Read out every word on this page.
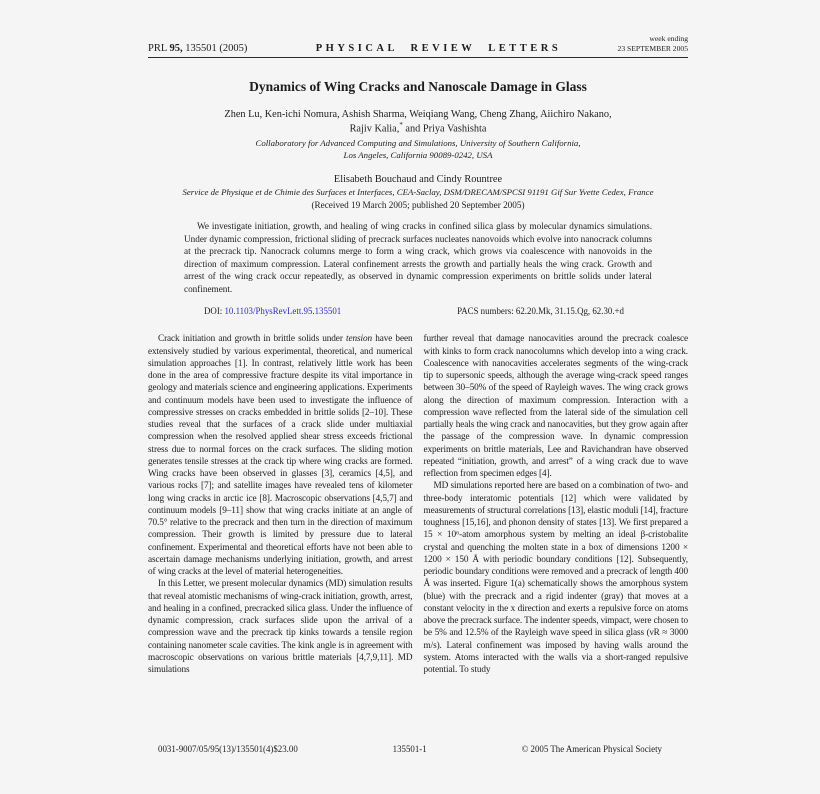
PRL 95, 135501 (2005)	PHYSICAL REVIEW LETTERS
week ending
23 SEPTEMBER 2005
Dynamics of Wing Cracks and Nanoscale Damage in Glass
Zhen Lu, Ken-ichi Nomura, Ashish Sharma, Weiqiang Wang, Cheng Zhang, Aiichiro Nakano,
Rajiv Kalia,* and Priya Vashishta
Collaboratory for Advanced Computing and Simulations, University of Southern California,
Los Angeles, California 90089-0242, USA
Elisabeth Bouchaud and Cindy Rountree
Service de Physique et de Chimie des Surfaces et Interfaces, CEA-Saclay, DSM/DRECAM/SPCSI 91191 Gif Sur Yvette Cedex, France
(Received 19 March 2005; published 20 September 2005)
We investigate initiation, growth, and healing of wing cracks in confined silica glass by molecular dynamics simulations. Under dynamic compression, frictional sliding of precrack surfaces nucleates nanovoids which evolve into nanocrack columns at the precrack tip. Nanocrack columns merge to form a wing crack, which grows via coalescence with nanovoids in the direction of maximum compression. Lateral confinement arrests the growth and partially heals the wing crack. Growth and arrest of the wing crack occur repeatedly, as observed in dynamic compression experiments on brittle solids under lateral confinement.
DOI: 10.1103/PhysRevLett.95.135501	PACS numbers: 62.20.Mk, 31.15.Qg, 62.30.+d

Crack initiation and growth in brittle solids under tension have been extensively studied by various experimental, theoretical, and numerical simulation approaches [1]. In contrast, relatively little work has been done in the area of compressive fracture despite its vital importance in geology and materials science and engineering applications. Experiments and continuum models have been used to investigate the influence of compressive stresses on cracks embedded in brittle solids [2–10]. These studies reveal that the surfaces of a crack slide under multiaxial compression when the resolved applied shear stress exceeds frictional stress due to normal forces on the crack surfaces. The sliding motion generates tensile stresses at the crack tip where wing cracks are formed. Wing cracks have been observed in glasses [3], ceramics [4,5], and various rocks [7]; and satellite images have revealed tens of kilometer long wing cracks in arctic ice [8]. Macroscopic observations [4,5,7] and continuum models [9–11] show that wing cracks initiate at an angle of 70.5° relative to the precrack and then turn in the direction of maximum compression. Their growth is limited by pressure due to lateral confinement. Experimental and theoretical efforts have not been able to ascertain damage mechanisms underlying initiation, growth, and arrest of wing cracks at the level of material heterogeneities.

In this Letter, we present molecular dynamics (MD) simulation results that reveal atomistic mechanisms of wing-crack initiation, growth, arrest, and healing in a confined, precracked silica glass. Under the influence of dynamic compression, crack surfaces slide upon the arrival of a compression wave and the precrack tip kinks towards a tensile region containing nanometer scale cavities. The kink angle is in agreement with macroscopic observations on various brittle materials [4,7,9,11]. MD simulations

further reveal that damage nanocavities around the precrack coalesce with kinks to form crack nanocolumns which develop into a wing crack. Coalescence with nanocavities accelerates segments of the wing-crack tip to supersonic speeds, although the average wing-crack speed ranges between 30–50% of the speed of Rayleigh waves. The wing crack grows along the direction of maximum compression. Interaction with a compression wave reflected from the lateral side of the simulation cell partially heals the wing crack and nanocavities, but they grow again after the passage of the compression wave. In dynamic compression experiments on brittle materials, Lee and Ravichandran have observed repeated “initiation, growth, and arrest” of a wing crack due to wave reflection from specimen edges [4].

MD simulations reported here are based on a combination of two- and three-body interatomic potentials [12] which were validated by measurements of structural correlations [13], elastic moduli [14], fracture toughness [15,16], and phonon density of states [13]. We first prepared a 15 × 10⁶-atom amorphous system by melting an ideal β-cristobalite crystal and quenching the molten state in a box of dimensions 1200 × 1200 × 150 Å with periodic boundary conditions [12]. Subsequently, periodic boundary conditions were removed and a precrack of length 400 Å was inserted. Figure 1(a) schematically shows the amorphous system (blue) with the precrack and a rigid indenter (gray) that moves at a constant velocity in the x direction and exerts a repulsive force on atoms above the precrack surface. The indenter speeds, νimpact, were chosen to be 5% and 12.5% of the Rayleigh wave speed in silica glass (νR ≈ 3000 m/s). Lateral confinement was imposed by having walls around the system. Atoms interacted with the walls via a short-ranged repulsive potential. To study

0031-9007/05/95(13)/135501(4)$23.00	135501-1	© 2005 The American Physical Society
